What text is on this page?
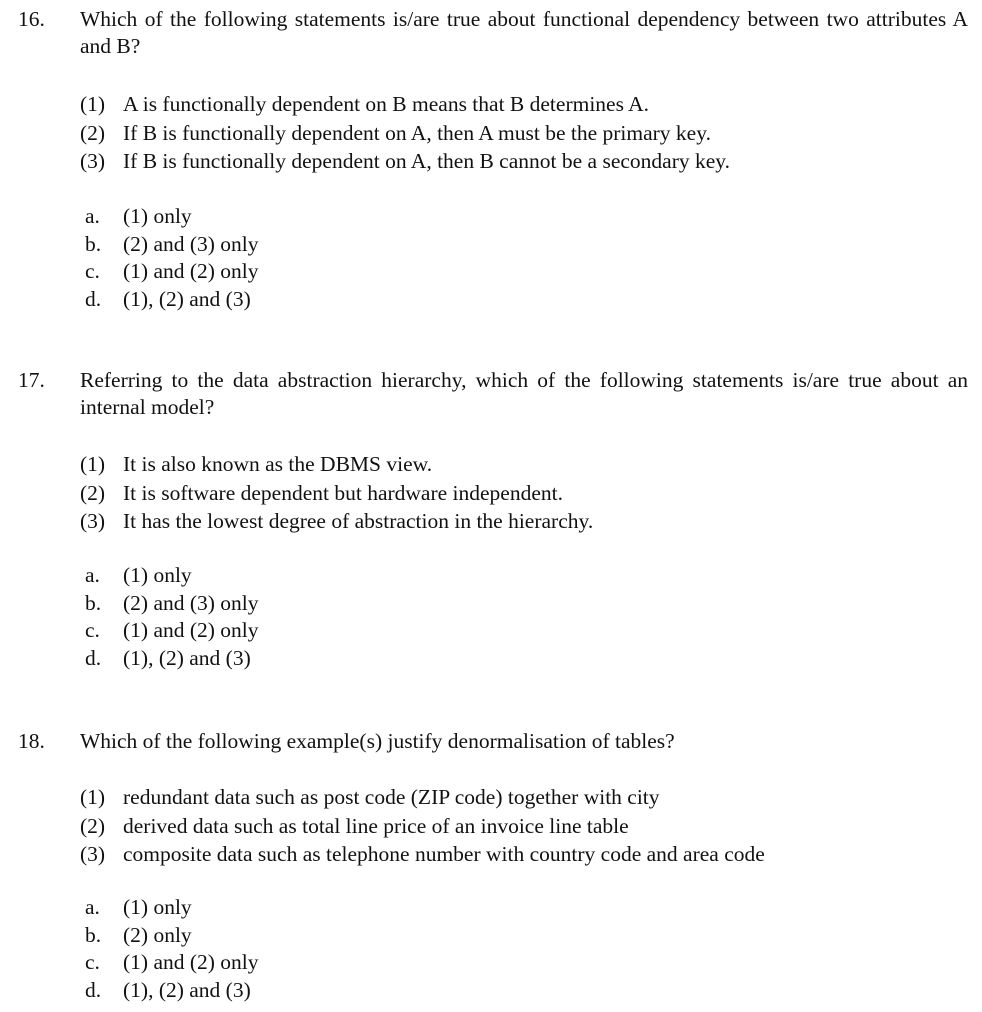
16. Which of the following statements is/are true about functional dependency between two attributes A and B?
(1) A is functionally dependent on B means that B determines A.
(2) If B is functionally dependent on A, then A must be the primary key.
(3) If B is functionally dependent on A, then B cannot be a secondary key.
a. (1) only
b. (2) and (3) only
c. (1) and (2) only
d. (1), (2) and (3)
17. Referring to the data abstraction hierarchy, which of the following statements is/are true about an internal model?
(1) It is also known as the DBMS view.
(2) It is software dependent but hardware independent.
(3) It has the lowest degree of abstraction in the hierarchy.
a. (1) only
b. (2) and (3) only
c. (1) and (2) only
d. (1), (2) and (3)
18. Which of the following example(s) justify denormalisation of tables?
(1) redundant data such as post code (ZIP code) together with city
(2) derived data such as total line price of an invoice line table
(3) composite data such as telephone number with country code and area code
a. (1) only
b. (2) only
c. (1) and (2) only
d. (1), (2) and (3)
